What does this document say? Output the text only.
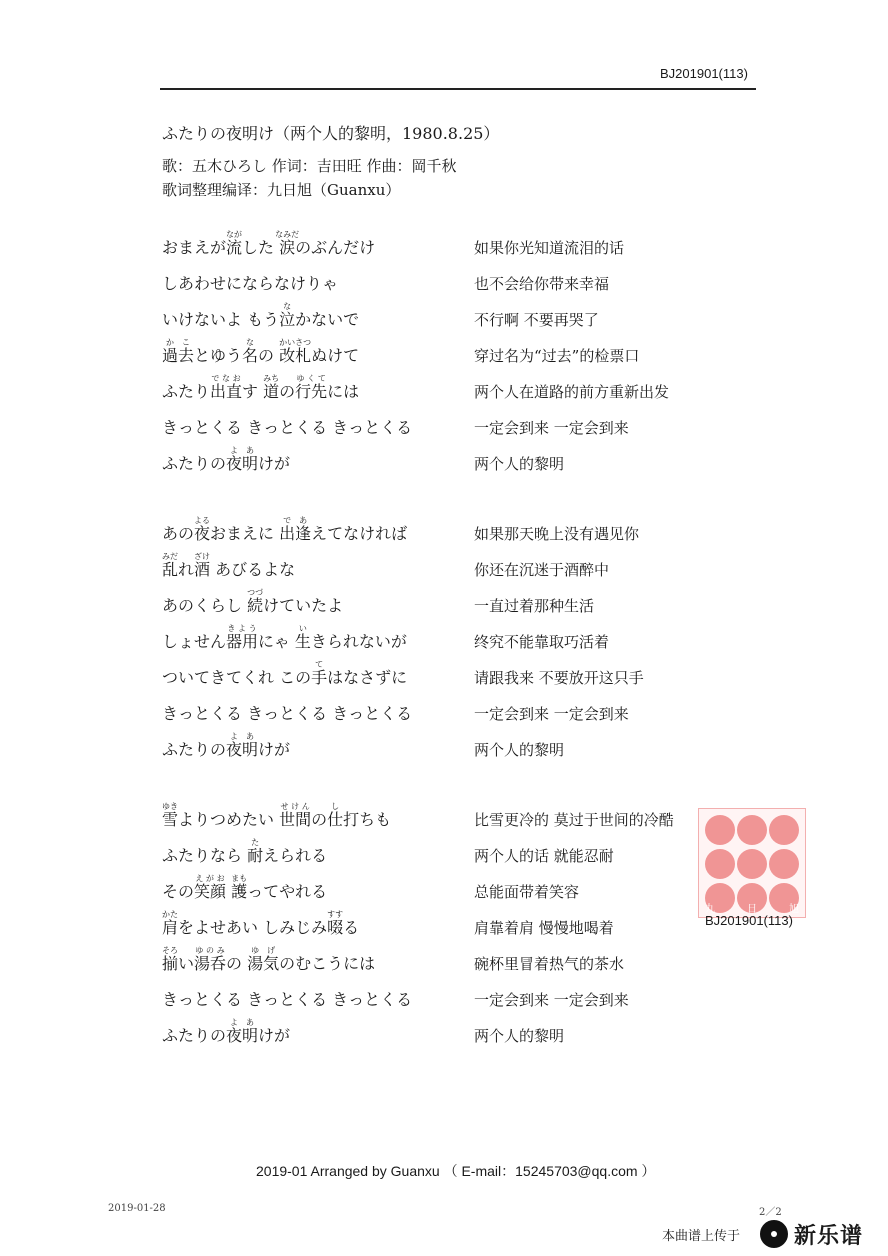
BJ201901(113)
ふたりの夜明け（两个人的黎明，1980.8.25）
歌：五木ひろし 作词：吉田旺 作曲：岡千秋
歌词整理编译：九日旭（Guanxu）
おまえが流ながした 涙なみだのぶんだけ	如果你光知道流泪的话
しあわせにならなけりゃ	也不会给你带来幸福
いけないよ もう泣なかないで	不行啊 不要再哭了
過去かことゆう名なの 改札かいさつぬけて	穿过名为“过去”的检票口
ふたり出直でなおす 道みちの行先ゆくてには	两个人在道路的前方重新出发
きっとくる きっとくる きっとくる	一定会到来 一定会到来
ふたりの夜明よあけが	两个人的黎明
あの夜よるおまえに 出逢であえてなければ	如果那天晚上没有遇见你
乱みだれ酒ざけ あびるよな	你还在沉迷于酒醉中
あのくらし 続つづけていたよ	一直过着那种生活
しょせん器用きようにゃ 生いきられないが	终究不能靠取巧活着
ついてきてくれ この手てはなさずに	请跟我来 不要放开这只手
きっとくる きっとくる きっとくる	一定会到来 一定会到来
ふたりの夜明よあけが	两个人的黎明
雪ゆきよりつめたい 世間せけんの仕し打ちも	比雪更冷的 莫过于世间的冷酷
ふたりなら 耐たえられる	两个人的话 就能忍耐
その笑顔えがお 護まもってやれる	总能面带着笑容
肩かたをよせあい しみじみ啜すする	肩靠着肩 慢慢地喝着
揃そろい湯呑ゆのみの 湯気ゆげのむこうには	碗杯里冒着热气的茶水
きっとくる きっとくる きっとくる	一定会到来 一定会到来
ふたりの夜明よあけが	两个人的黎明
九	日	旭
BJ201901(113)
2019-01 Arranged by Guanxu （ E-mail：15245703@qq.com ）
2019-01-28	2／2
本曲谱上传于 新乐谱
